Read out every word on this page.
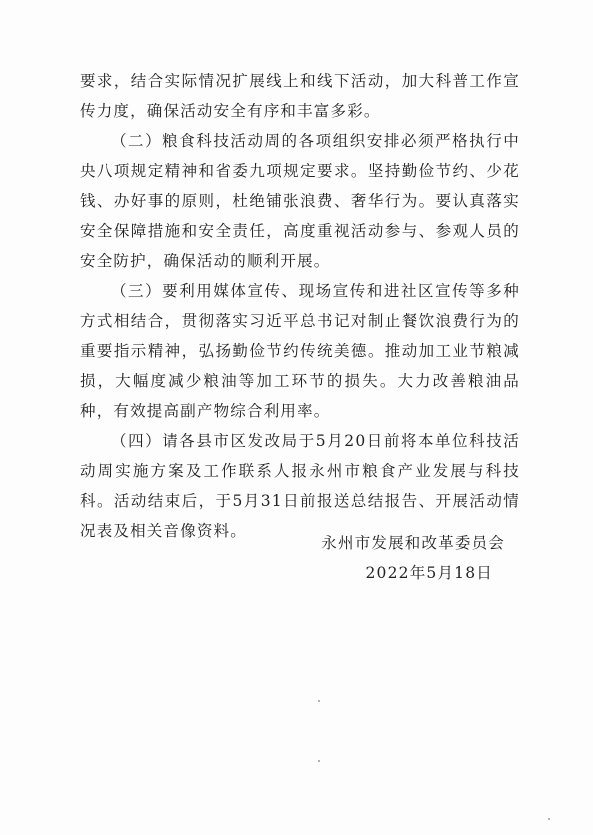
要求，结合实际情况扩展线上和线下活动，加大科普工作宣传力度，确保活动安全有序和丰富多彩。

（二）粮食科技活动周的各项组织安排必须严格执行中央八项规定精神和省委九项规定要求。坚持勤俭节约、少花钱、办好事的原则，杜绝铺张浪费、奢华行为。要认真落实安全保障措施和安全责任，高度重视活动参与、参观人员的安全防护，确保活动的顺利开展。

（三）要利用媒体宣传、现场宣传和进社区宣传等多种方式相结合，贯彻落实习近平总书记对制止餐饮浪费行为的重要指示精神，弘扬勤俭节约传统美德。推动加工业节粮减损，大幅度减少粮油等加工环节的损失。大力改善粮油品种，有效提高副产物综合利用率。

（四）请各县市区发改局于5月20日前将本单位科技活动周实施方案及工作联系人报永州市粮食产业发展与科技科。活动结束后，于5月31日前报送总结报告、开展活动情况表及相关音像资料。

永州市发展和改革委员会
2022年5月18日
